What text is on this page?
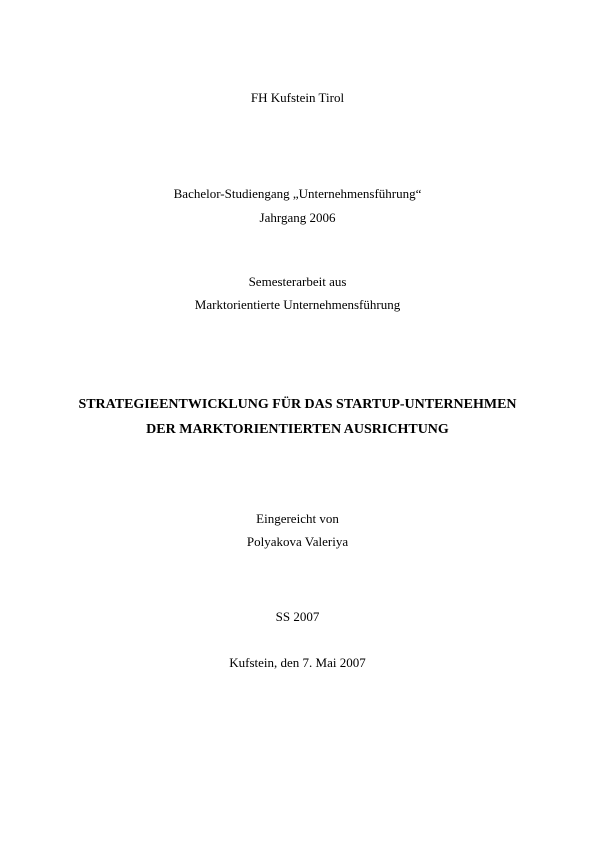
FH Kufstein Tirol
Bachelor-Studiengang „Unternehmensführung“
Jahrgang 2006
Semesterarbeit aus
Marktorientierte Unternehmensführung
STRATEGIEENTWICKLUNG FÜR DAS STARTUP-UNTERNEHMEN
DER MARKTORIENTIERTEN AUSRICHTUNG
Eingereicht von
Polyakova Valeriya
SS 2007
Kufstein, den 7. Mai 2007
